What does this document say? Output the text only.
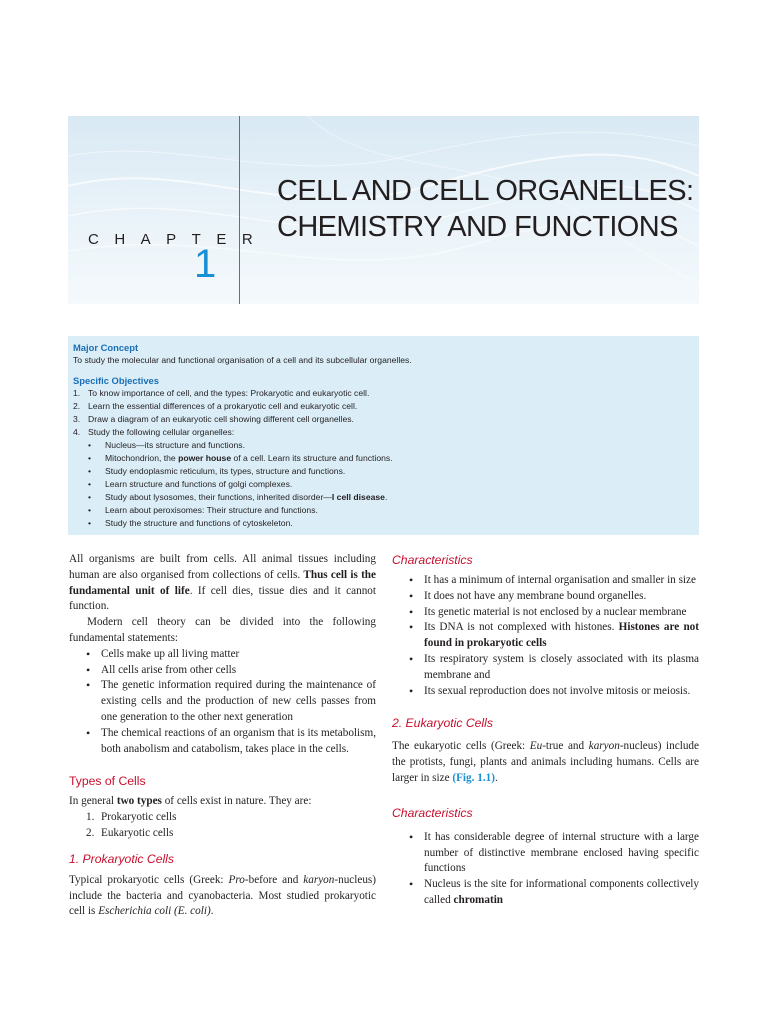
CHAPTER
1
CELL AND CELL ORGANELLES:
CHEMISTRY AND FUNCTIONS
Major Concept
To study the molecular and functional organisation of a cell and its subcellular organelles.
Specific Objectives
1. To know importance of cell, and the types: Prokaryotic and eukaryotic cell.
2. Learn the essential differences of a prokaryotic cell and eukaryotic cell.
3. Draw a diagram of an eukaryotic cell showing different cell organelles.
4. Study the following cellular organelles:
• Nucleus—its structure and functions.
• Mitochondrion, the power house of a cell. Learn its structure and functions.
• Study endoplasmic reticulum, its types, structure and functions.
• Learn structure and functions of golgi complexes.
• Study about lysosomes, their functions, inherited disorder—I cell disease.
• Learn about peroxisomes: Their structure and functions.
• Study the structure and functions of cytoskeleton.

All organisms are built from cells. All animal tissues including human are also organised from collections of cells. Thus cell is the fundamental unit of life. If cell dies, tissue dies and it cannot function.

Modern cell theory can be divided into the following fundamental statements:

• Cells make up all living matter
• All cells arise from other cells
• The genetic information required during the maintenance of existing cells and the production of new cells passes from one generation to the other next generation
• The chemical reactions of an organism that is its metabolism, both anabolism and catabolism, takes place in the cells.
Types of Cells

In general two types of cells exist in nature. They are:

1. Prokaryotic cells
2. Eukaryotic cells
1. Prokaryotic Cells

Typical prokaryotic cells (Greek: Pro-before and karyon-nucleus) include the bacteria and cyanobacteria. Most studied prokaryotic cell is Escherichia coli (E. coli).

Characteristics
• It has a minimum of internal organisation and smaller in size
• It does not have any membrane bound organelles.
• Its genetic material is not enclosed by a nuclear membrane
• Its DNA is not complexed with histones. Histones are not found in prokaryotic cells
• Its respiratory system is closely associated with its plasma membrane and
• Its sexual reproduction does not involve mitosis or meiosis.
2. Eukaryotic Cells

The eukaryotic cells (Greek: Eu-true and karyon-nucleus) include the protists, fungi, plants and animals including humans. Cells are larger in size (Fig. 1.1).

Characteristics
• It has considerable degree of internal structure with a large number of distinctive membrane enclosed having specific functions
• Nucleus is the site for informational components collectively called chromatin
